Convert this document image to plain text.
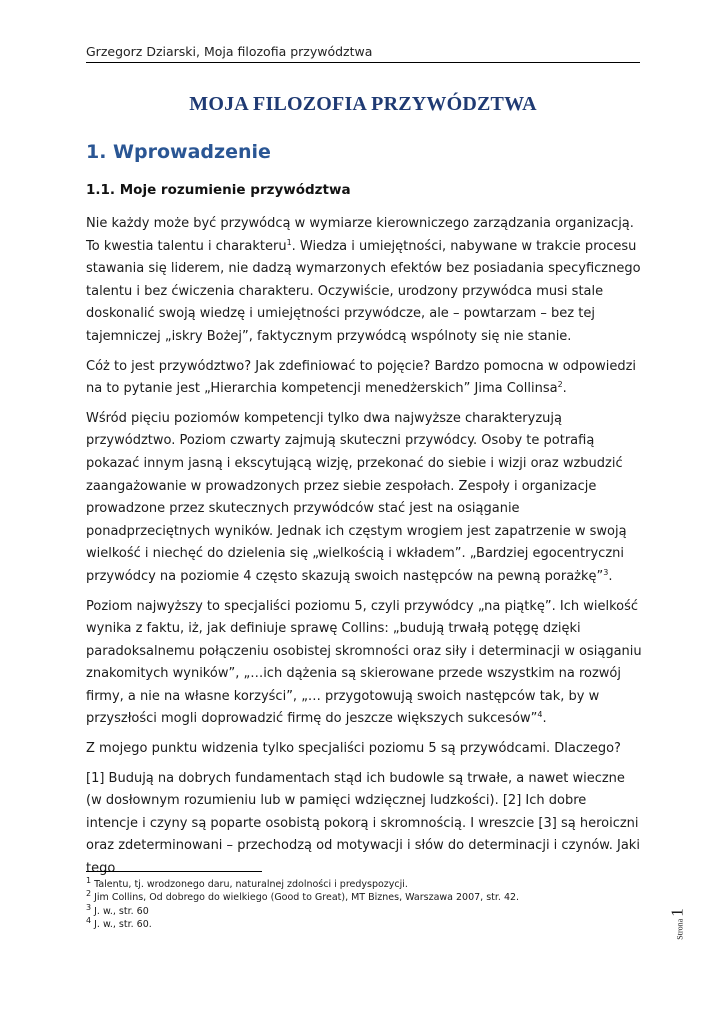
Grzegorz Dziarski, Moja filozofia przywództwa
MOJA FILOZOFIA PRZYWÓDZTWA
1. Wprowadzenie
1.1. Moje rozumienie przywództwa

Nie każdy może być przywódcą w wymiarze kierowniczego zarządzania organizacją. To kwestia talentu i charakteru$^1$. Wiedza i umiejętności, nabywane w trakcie procesu stawania się liderem, nie dadzą wymarzonych efektów bez posiadania specyficznego talentu i bez ćwiczenia charakteru. Oczywiście, urodzony przywódca musi stale doskonalić swoją wiedzę i umiejętności przywódcze, ale – powtarzam – bez tej tajemniczej „iskry Bożej”, faktycznym przywódcą wspólnoty się nie stanie.

Cóż to jest przywództwo? Jak zdefiniować to pojęcie? Bardzo pomocna w odpowiedzi na to pytanie jest „Hierarchia kompetencji menedżerskich” Jima Collinsa$^2$.

Wśród pięciu poziomów kompetencji tylko dwa najwyższe charakteryzują przywództwo. Poziom czwarty zajmują skuteczni przywódcy. Osoby te potrafią pokazać innym jasną i ekscytującą wizję, przekonać do siebie i wizji oraz wzbudzić zaangażowanie w prowadzonych przez siebie zespołach. Zespoły i organizacje prowadzone przez skutecznych przywódców stać jest na osiąganie ponadprzeciętnych wyników. Jednak ich częstym wrogiem jest zapatrzenie w swoją wielkość i niechęć do dzielenia się „wielkością i wkładem”. „Bardziej egocentryczni przywódcy na poziomie 4 często skazują swoich następców na pewną porażkę”$^3$.

Poziom najwyższy to specjaliści poziomu 5, czyli przywódcy „na piątkę”. Ich wielkość wynika z faktu, iż, jak definiuje sprawę Collins: „budują trwałą potęgę dzięki paradoksalnemu połączeniu osobistej skromności oraz siły i determinacji w osiąganiu znakomitych wyników”, „…ich dążenia są skierowane przede wszystkim na rozwój firmy, a nie na własne korzyści”, „… przygotowują swoich następców tak, by w przyszłości mogli doprowadzić firmę do jeszcze większych sukcesów”$^4$.

Z mojego punktu widzenia tylko specjaliści poziomu 5 są przywódcami. Dlaczego?

[1] Budują na dobrych fundamentach stąd ich budowle są trwałe, a nawet wieczne (w dosłownym rozumieniu lub w pamięci wdzięcznej ludzkości). [2] Ich dobre intencje i czyny są poparte osobistą pokorą i skromnością. I wreszcie [3] są heroiczni oraz zdeterminowani – przechodzą od motywacji i słów do determinacji i czynów. Jaki tego

$^1$ Talentu, tj. wrodzonego daru, naturalnej zdolności i predyspozycji.
$^2$ Jim Collins, Od dobrego do wielkiego (Good to Great), MT Biznes, Warszawa 2007, str. 42.
$^3$ J. w., str. 60
$^4$ J. w., str. 60.	Strona1
